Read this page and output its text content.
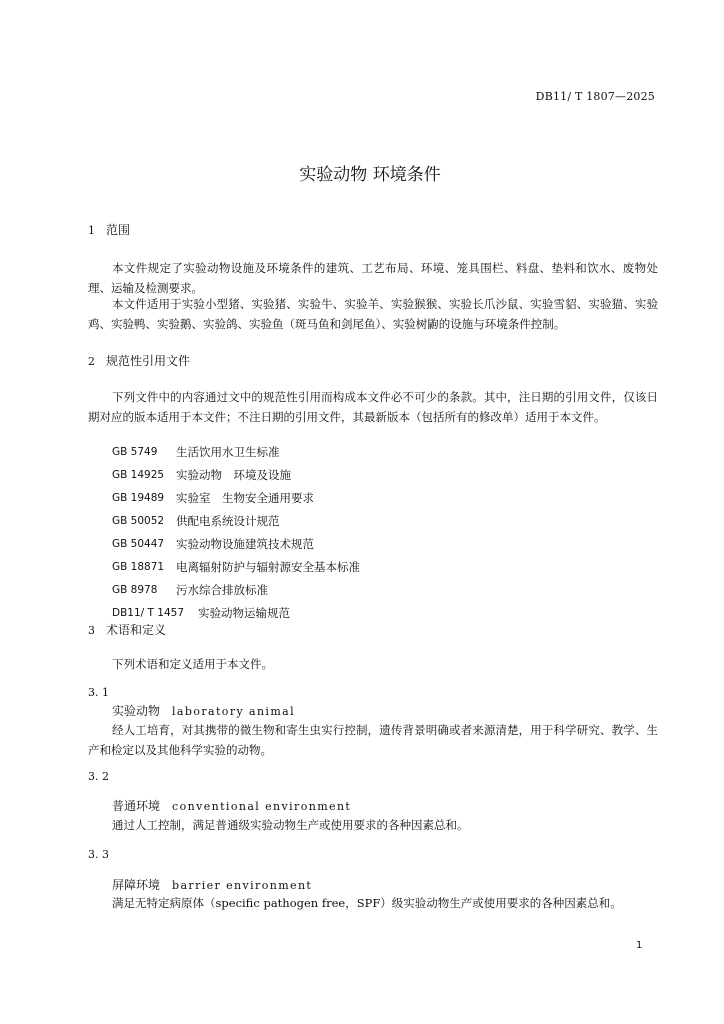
DB11/ T 1807—2025
实验动物 环境条件
1 范围

本文件规定了实验动物设施及环境条件的建筑、工艺布局、环境、笼具围栏、料盘、垫料和饮水、废物处理、运输及检测要求。

本文件适用于实验小型猪、实验猪、实验牛、实验羊、实验猴猴、实验长爪沙鼠、实验雪貂、实验猫、实验鸡、实验鸭、实验鹅、实验鸽、实验鱼（斑马鱼和剑尾鱼）、实验树鼩的设施与环境条件控制。

2 规范性引用文件

下列文件中的内容通过文中的规范性引用而构成本文件必不可少的条款。其中，注日期的引用文件，仅该日期对应的版本适用于本文件；不注日期的引用文件，其最新版本（包括所有的修改单）适用于本文件。

GB 5749	生活饮用水卫生标准
GB 14925	实验动物　环境及设施
GB 19489	实验室　生物安全通用要求
GB 50052	供配电系统设计规范
GB 50447	实验动物设施建筑技术规范
GB 18871	电离辐射防护与辐射源安全基本标准
GB 8978	污水综合排放标准
DB11/ T 1457	实验动物运输规范
3 术语和定义

下列术语和定义适用于本文件。

3. 1
实验动物 laboratory animal

经人工培育，对其携带的微生物和寄生虫实行控制，遗传背景明确或者来源清楚，用于科学研究、教学、生产和检定以及其他科学实验的动物。

3. 2
普通环境 conventional environment

通过人工控制，满足普通级实验动物生产或使用要求的各种因素总和。

3. 3
屏障环境 barrier environment

满足无特定病原体（specific pathogen free，SPF）级实验动物生产或使用要求的各种因素总和。

1
